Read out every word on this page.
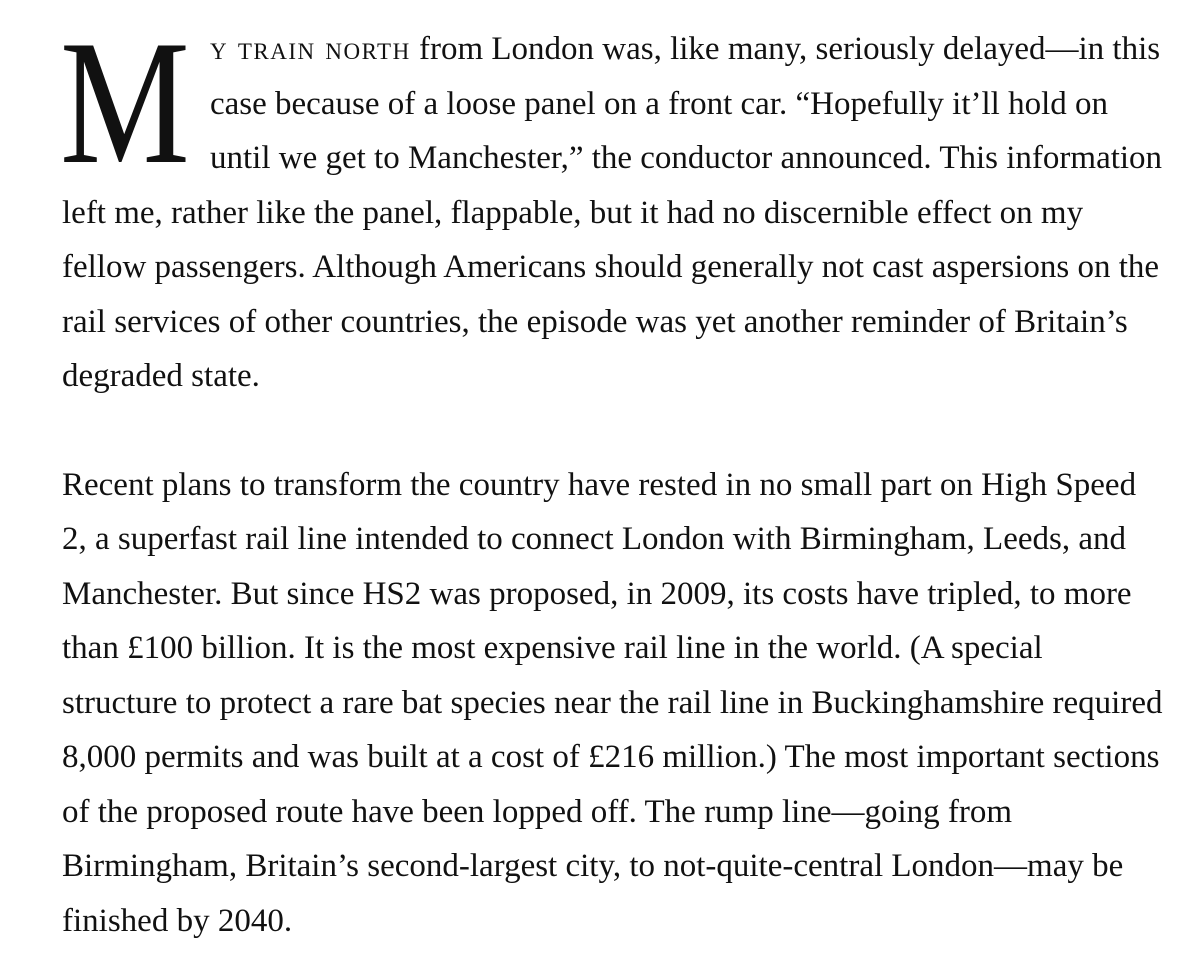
My train north from London was, like many, seriously delayed—in this case because of a loose panel on a front car. “Hopefully it’ll hold on until we get to Manchester,” the conductor announced. This information left me, rather like the panel, flappable, but it had no discernible effect on my fellow passengers. Although Americans should generally not cast aspersions on the rail services of other countries, the episode was yet another reminder of Britain’s degraded state.

Recent plans to transform the country have rested in no small part on High Speed 2, a superfast rail line intended to connect London with Birmingham, Leeds, and Manchester. But since HS2 was proposed, in 2009, its costs have tripled, to more than £100 billion. It is the most expensive rail line in the world. (A special structure to protect a rare bat species near the rail line in Buckinghamshire required 8,000 permits and was built at a cost of £216 million.) The most important sections of the proposed route have been lopped off. The rump line—going from Birmingham, Britain’s second-largest city, to not-quite-central London—may be finished by 2040.
